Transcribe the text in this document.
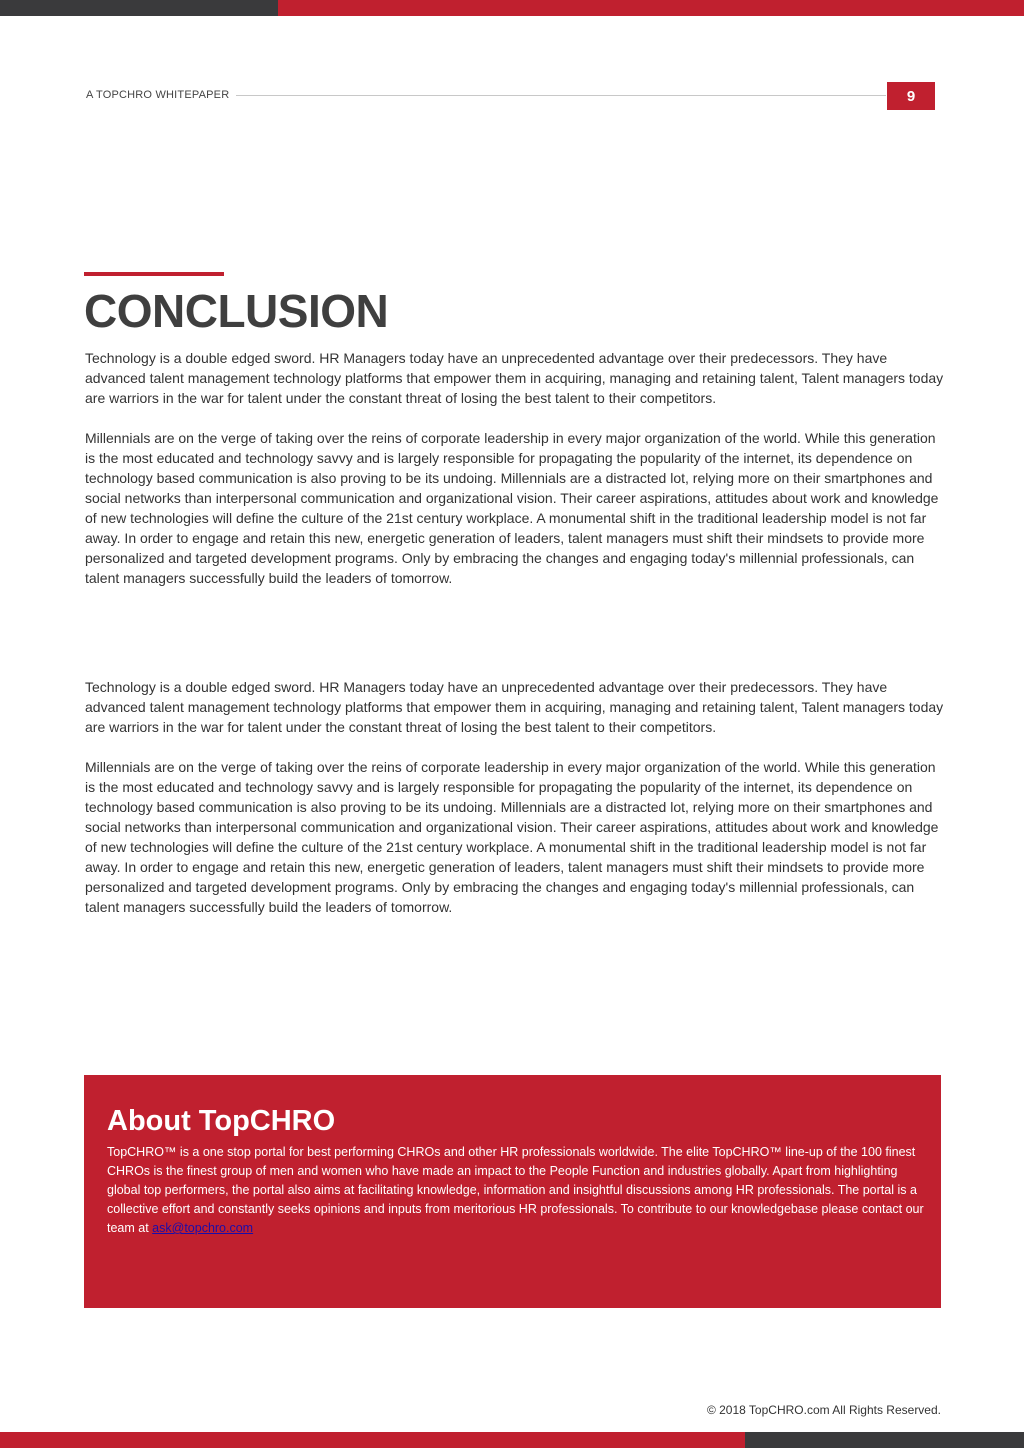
A TOPCHRO WHITEPAPER	9
CONCLUSION

Technology is a double edged sword. HR Managers today have an unprecedented advantage over their predecessors. They have advanced talent management technology platforms that empower them in acquiring, managing and retaining talent, Talent managers today are warriors in the war for talent under the constant threat of losing the best talent to their competitors.

Millennials are on the verge of taking over the reins of corporate leadership in every major organization of the world. While this generation is the most educated and technology savvy and is largely responsible for propagating the popularity of the internet, its dependence on technology based communication is also proving to be its undoing. Millennials are a distracted lot, relying more on their smartphones and social networks than interpersonal communication and organizational vision. Their career aspirations, attitudes about work and knowledge of new technologies will define the culture of the 21st century workplace. A monumental shift in the traditional leadership model is not far away. In order to engage and retain this new, energetic generation of leaders, talent managers must shift their mindsets to provide more personalized and targeted development programs. Only by embracing the changes and engaging today's millennial professionals, can talent managers successfully build the leaders of tomorrow.

Technology is a double edged sword. HR Managers today have an unprecedented advantage over their predecessors. They have advanced talent management technology platforms that empower them in acquiring, managing and retaining talent, Talent managers today are warriors in the war for talent under the constant threat of losing the best talent to their competitors.

Millennials are on the verge of taking over the reins of corporate leadership in every major organization of the world. While this generation is the most educated and technology savvy and is largely responsible for propagating the popularity of the internet, its dependence on technology based communication is also proving to be its undoing. Millennials are a distracted lot, relying more on their smartphones and social networks than interpersonal communication and organizational vision. Their career aspirations, attitudes about work and knowledge of new technologies will define the culture of the 21st century workplace. A monumental shift in the traditional leadership model is not far away. In order to engage and retain this new, energetic generation of leaders, talent managers must shift their mindsets to provide more personalized and targeted development programs. Only by embracing the changes and engaging today's millennial professionals, can talent managers successfully build the leaders of tomorrow.

About TopCHRO

TopCHRO™ is a one stop portal for best performing CHROs and other HR professionals worldwide. The elite TopCHRO™ line-up of the 100 finest CHROs is the finest group of men and women who have made an impact to the People Function and industries globally. Apart from highlighting global top performers, the portal also aims at facilitating knowledge, information and insightful discussions among HR professionals. The portal is a collective effort and constantly seeks opinions and inputs from meritorious HR professionals. To contribute to our knowledgebase please contact our team at ask@topchro.com

© 2018 TopCHRO.com All Rights Reserved.
